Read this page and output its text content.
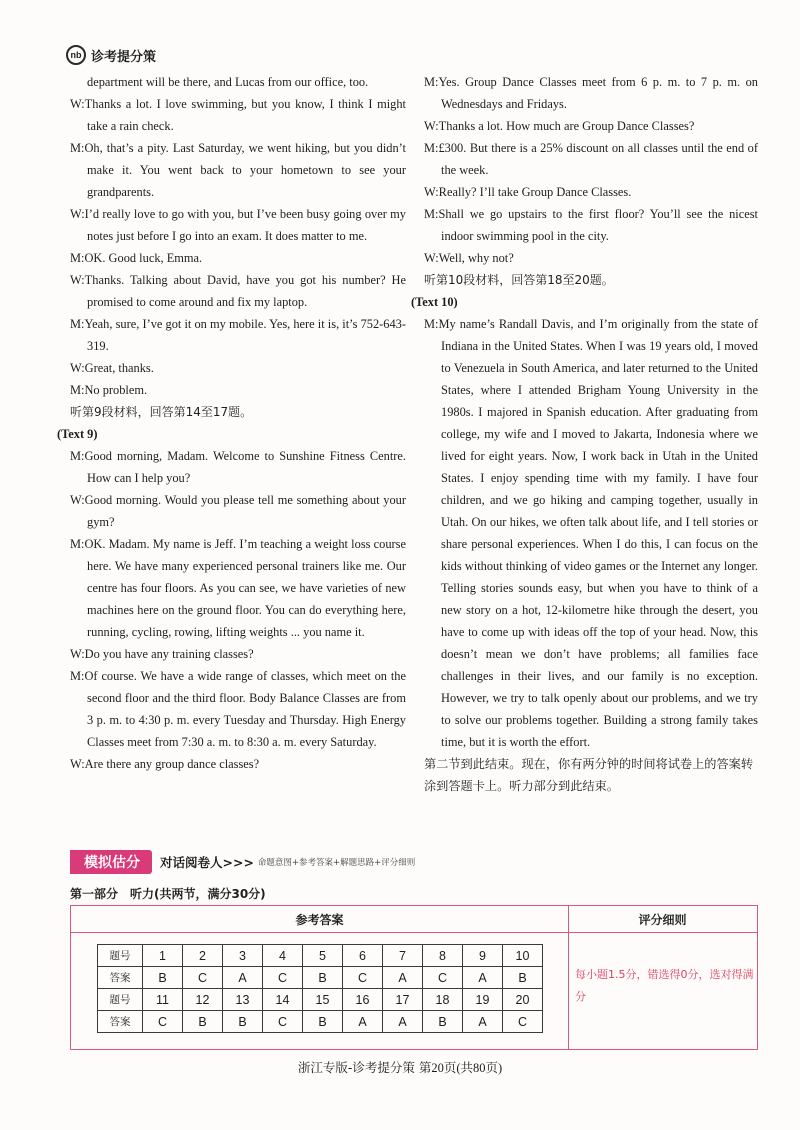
nb 诊考提分策
department will be there, and Lucas from our office, too.
W:Thanks a lot. I love swimming, but you know, I think I might take a rain check.
M:Oh, that’s a pity. Last Saturday, we went hiking, but you didn’t make it. You went back to your hometown to see your grandparents.
W:I’d really love to go with you, but I’ve been busy going over my notes just before I go into an exam. It does matter to me.
M:OK. Good luck, Emma.
W:Thanks. Talking about David, have you got his number? He promised to come around and fix my laptop.
M:Yeah, sure, I’ve got it on my mobile. Yes, here it is, it’s 752-643-319.
W:Great, thanks.
M:No problem.
听第9段材料，回答第14至17题。
(Text 9)
M:Good morning, Madam. Welcome to Sunshine Fitness Centre. How can I help you?
W:Good morning. Would you please tell me something about your gym?
M:OK. Madam. My name is Jeff. I’m teaching a weight loss course here. We have many experienced personal trainers like me. Our centre has four floors. As you can see, we have varieties of new machines here on the ground floor. You can do everything here, running, cycling, rowing, lifting weights ... you name it.
W:Do you have any training classes?
M:Of course. We have a wide range of classes, which meet on the second floor and the third floor. Body Balance Classes are from 3 p. m. to 4:30 p. m. every Tuesday and Thursday. High Energy Classes meet from 7:30 a. m. to 8:30 a. m. every Saturday.
W:Are there any group dance classes?
M:Yes. Group Dance Classes meet from 6 p. m. to 7 p. m. on Wednesdays and Fridays.
W:Thanks a lot. How much are Group Dance Classes?
M:£300. But there is a 25% discount on all classes until the end of the week.
W:Really? I’ll take Group Dance Classes.
M:Shall we go upstairs to the first floor? You’ll see the nicest indoor swimming pool in the city.
W:Well, why not?
听第10段材料，回答第18至20题。
(Text 10)
M:My name’s Randall Davis, and I’m originally from the state of Indiana in the United States. When I was 19 years old, I moved to Venezuela in South America, and later returned to the United States, where I attended Brigham Young University in the 1980s. I majored in Spanish education. After graduating from college, my wife and I moved to Jakarta, Indonesia where we lived for eight years. Now, I work back in Utah in the United States. I enjoy spending time with my family. I have four children, and we go hiking and camping together, usually in Utah. On our hikes, we often talk about life, and I tell stories or share personal experiences. When I do this, I can focus on the kids without thinking of video games or the Internet any longer. Telling stories sounds easy, but when you have to think of a new story on a hot, 12-kilometre hike through the desert, you have to come up with ideas off the top of your head. Now, this doesn’t mean we don’t have problems; all families face challenges in their lives, and our family is no exception. However, we try to talk openly about our problems, and we try to solve our problems together. Building a strong family takes time, but it is worth the effort.
第二节到此结束。现在，你有两分钟的时间将试卷上的答案转涂到答题卡上。听力部分到此结束。
模拟估分	对话阅卷人>>> 命题意图+参考答案+解题思路+评分细则
第一部分　听力(共两节，满分30分)
参考答案	评分细则
题号	1	2	3	4	5	6	7	8	9	10
答案	B	C	A	C	B	C	A	C	A	B
题号	11	12	13	14	15	16	17	18	19	20
答案	C	B	B	C	B	A	A	B	A	C
每小题1.5分，错选得0分，选对得满分
浙江专版-诊考提分策 第20页(共80页)
